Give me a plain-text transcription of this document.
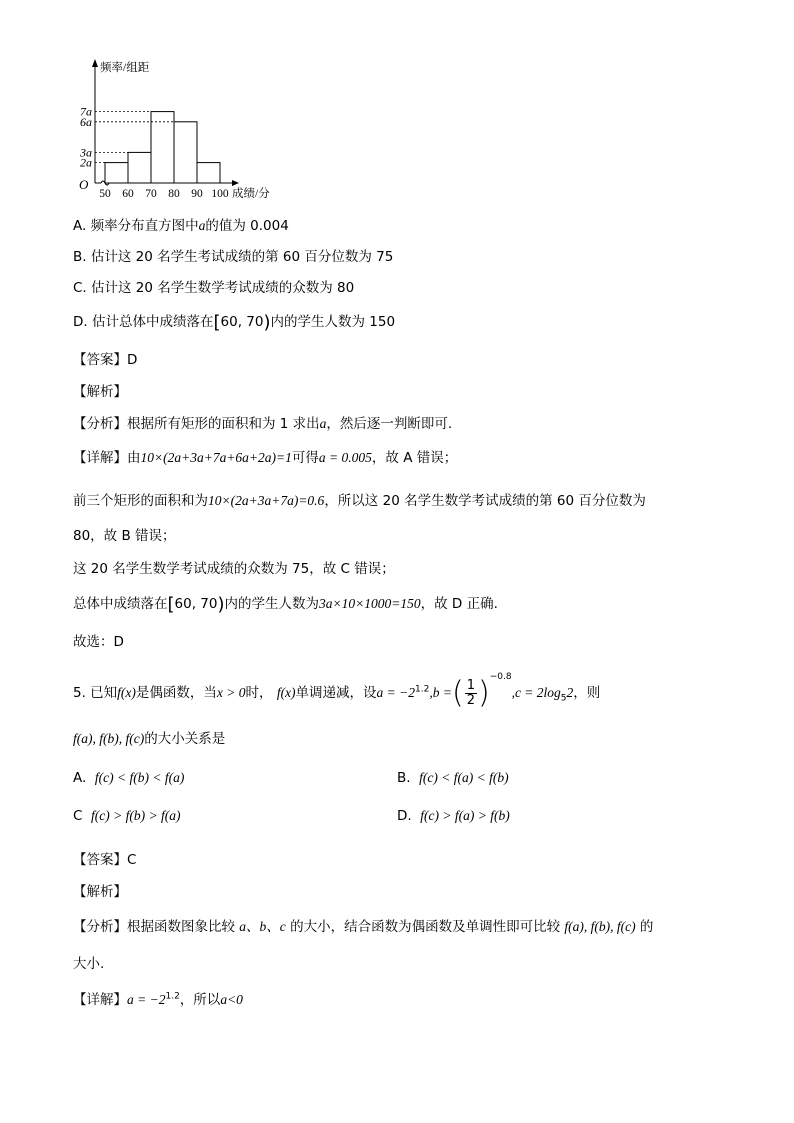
7a
6a
3a
2a
50 60 70 80 90 100
频率/组距
成绩/分
O
A. 频率分布直方图中a的值为 0.004
B. 估计这 20 名学生考试成绩的第 60 百分位数为 75
C. 估计这 20 名学生数学考试成绩的众数为 80
D. 估计总体中成绩落在[60, 70)内的学生人数为 150
【答案】D
【解析】
【分析】根据所有矩形的面积和为 1 求出a，然后逐一判断即可.
【详解】由10×(2a+3a+7a+6a+2a)=1可得a = 0.005，故 A 错误；
前三个矩形的面积和为10×(2a+3a+7a)=0.6，所以这 20 名学生数学考试成绩的第 60 百分位数为
80，故 B 错误；
这 20 名学生数学考试成绩的众数为 75，故 C 错误；
总体中成绩落在[60, 70)内的学生人数为3a×10×1000=150，故 D 正确.
故选：D
5. 已知f(x)是偶函数，当x > 0时， f(x)单调递减，设$a = -2^{1.2},b$ =( $\frac{1}{2} )^{-0.8},c = 2\log_52$，则
f(a), f(b), f(c)的大小关系是
A. f(c) < f(b) < f(a)	B. f(c) < f(a) < f(b)
C f(c) > f(b) > f(a)	D. f(c) > f(a) > f(b)
【答案】C
【解析】
【分析】根据函数图象比较 a、b、c 的大小，结合函数为偶函数及单调性即可比较 f(a), f(b), f(c) 的
大小.
【详解】$a = -2^{1.2}$，所以a<0
